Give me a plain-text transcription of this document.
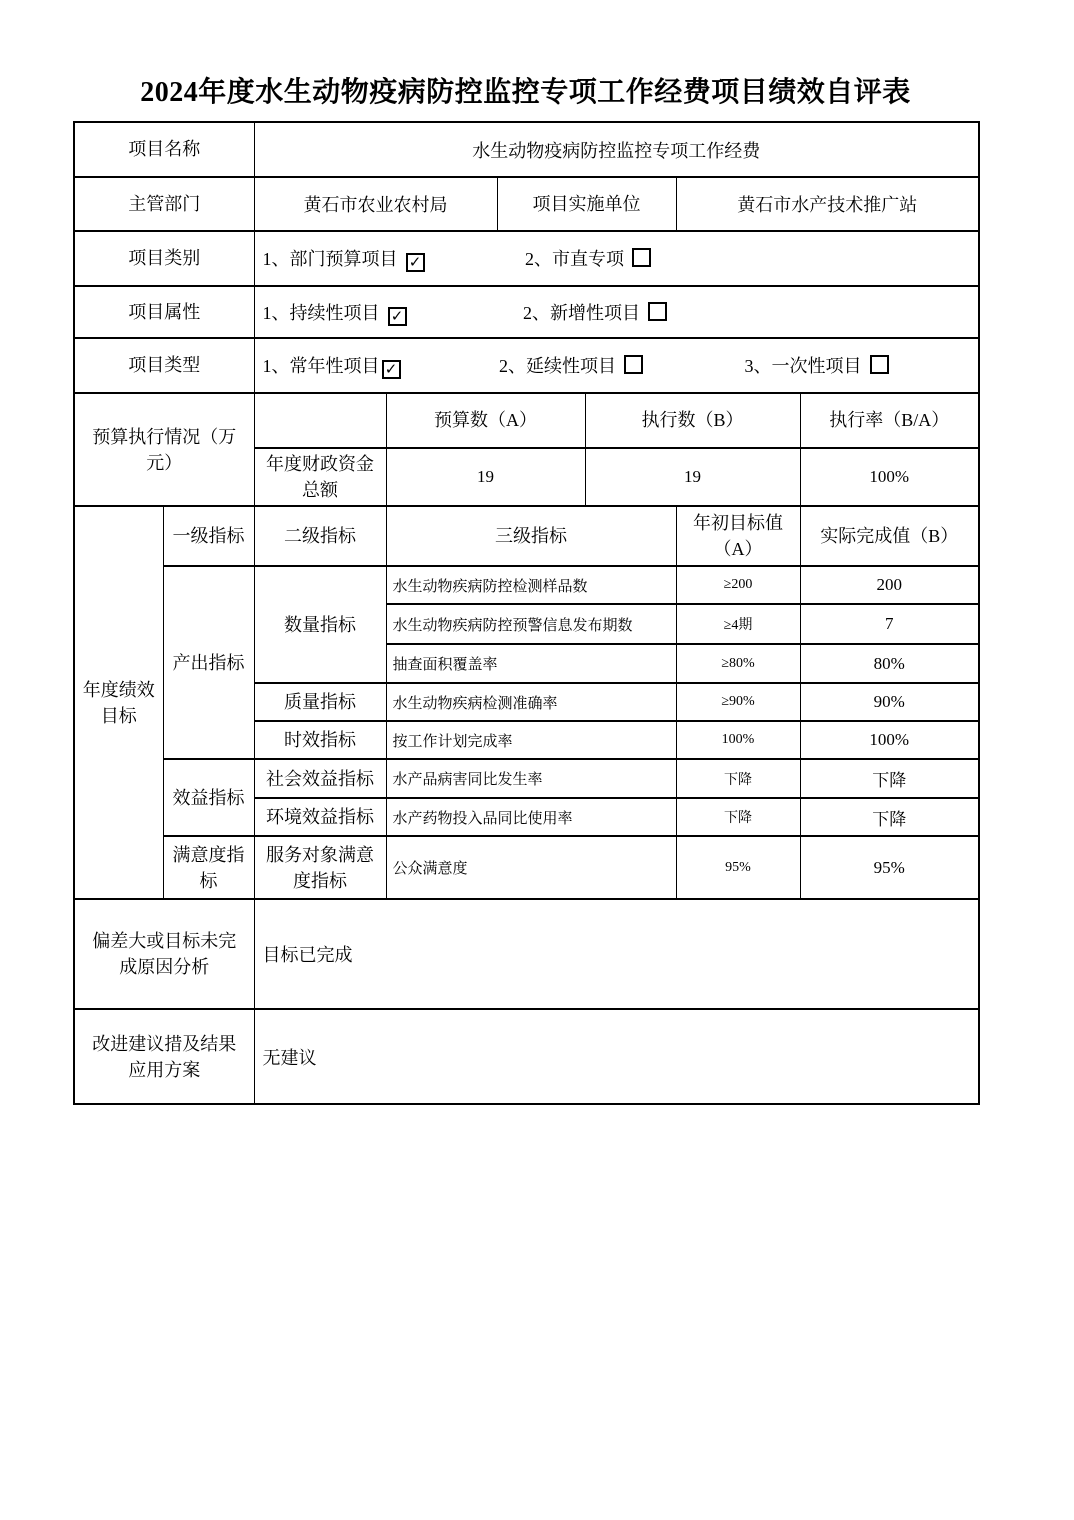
2024年度水生动物疫病防控监控专项工作经费项目绩效自评表
项目名称		水生动物疫病防控监控专项工作经费					
主管部门		黄石市农业农村局		项目实施单位		黄石市水产技术推广站	
项目类别		1、部门预算项目 ✓ 2、市直专项					
项目属性		1、持续性项目 ✓ 2、新增性项目					
项目类型		1、常年性项目 ✓ 2、延续性项目 3、一次性项目					
预算执行情况（万元）			预算数（A）		执行数（B）		执行率（B/A）
		年度财政资金总额	19		19		100%
年度绩效目标	一级指标	二级指标	三级指标			年初目标值（A）	实际完成值（B）
	产出指标	数量指标	水生动物疾病防控检测样品数			≥200	200
			水生动物疾病防控预警信息发布期数			≥4期	7
			抽查面积覆盖率			≥80%	80%
		质量指标	水生动物疾病检测准确率			≥90%	90%
		时效指标	按工作计划完成率			100%	100%
	效益指标	社会效益指标	水产品病害同比发生率			下降	下降
		环境效益指标	水产药物投入品同比使用率			下降	下降
	满意度指标	服务对象满意度指标	公众满意度			95%	95%
偏差大或目标未完成原因分析		目标已完成					
改进建议措及结果应用方案		无建议					
